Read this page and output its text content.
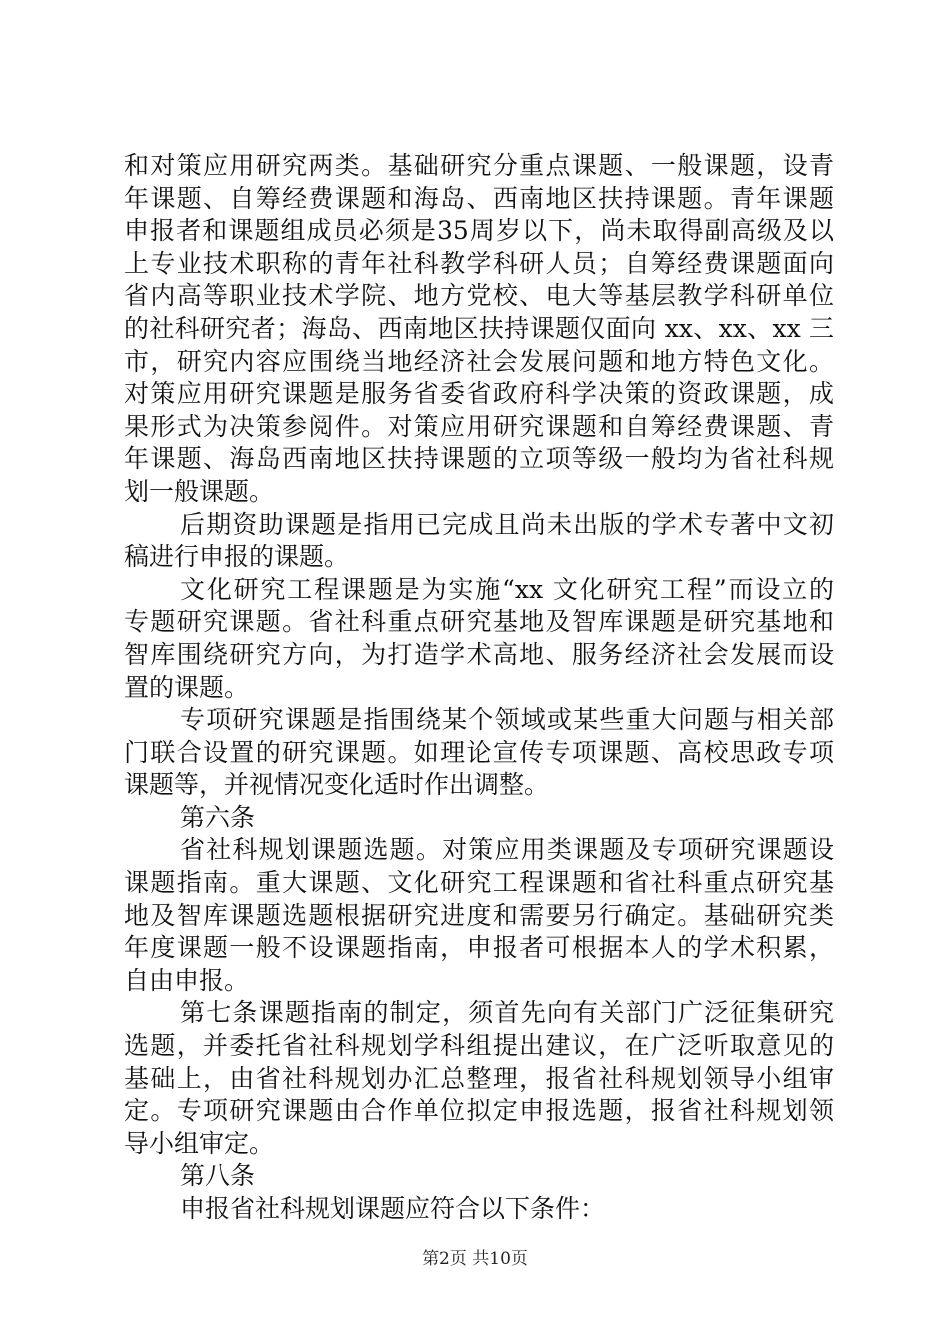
和对策应用研究两类。基础研究分重点课题、一般课题，设青
年课题、自筹经费课题和海岛、西南地区扶持课题。青年课题
申报者和课题组成员必须是35周岁以下，尚未取得副高级及以
上专业技术职称的青年社科教学科研人员；自筹经费课题面向
省内高等职业技术学院、地方党校、电大等基层教学科研单位
的社科研究者；海岛、西南地区扶持课题仅面向 xx、xx、xx 三
市，研究内容应围绕当地经济社会发展问题和地方特色文化。
对策应用研究课题是服务省委省政府科学决策的资政课题，成
果形式为决策参阅件。对策应用研究课题和自筹经费课题、青
年课题、海岛西南地区扶持课题的立项等级一般均为省社科规
划一般课题。
后期资助课题是指用已完成且尚未出版的学术专著中文初
稿进行申报的课题。
文化研究工程课题是为实施“xx 文化研究工程”而设立的
专题研究课题。省社科重点研究基地及智库课题是研究基地和
智库围绕研究方向，为打造学术高地、服务经济社会发展而设
置的课题。
专项研究课题是指围绕某个领域或某些重大问题与相关部
门联合设置的研究课题。如理论宣传专项课题、高校思政专项
课题等，并视情况变化适时作出调整。
第六条
省社科规划课题选题。对策应用类课题及专项研究课题设
课题指南。重大课题、文化研究工程课题和省社科重点研究基
地及智库课题选题根据研究进度和需要另行确定。基础研究类
年度课题一般不设课题指南，申报者可根据本人的学术积累，
自由申报。
第七条课题指南的制定，须首先向有关部门广泛征集研究
选题，并委托省社科规划学科组提出建议，在广泛听取意见的
基础上，由省社科规划办汇总整理，报省社科规划领导小组审
定。专项研究课题由合作单位拟定申报选题，报省社科规划领
导小组审定。
第八条
申报省社科规划课题应符合以下条件：
第2页 共10页
